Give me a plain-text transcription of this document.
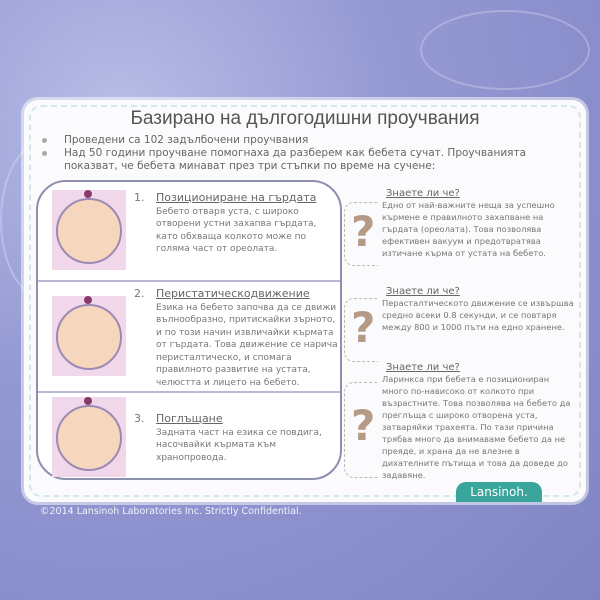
Базирано на дългогодишни проучвания
Проведени са 102 задълбочени проучвания
Над 50 години проучване помогнаха да разберем как бебета сучат. Проучванията показват, че бебета минават през три стъпки по време на сучене:
1. Позициониране на гърдата
Бебето отваря уста, с широко отворени устни захапва гърдата, като обхваща колкото може по голяма част от ореолата.
2. Перистатическодвижение
Езика на бебето започва да се движи вълнообразно, притискайки зърното, и по този начин извличайки кърмата от гърдата. Това движение се нарича перисталтическо, и спомага правилното развитие на устата, челюстта и лицето на бебето.
3. Поглъщане
Задната част на езика се повдига, насочвайки кърмата към хранопровода.
?
Знаете ли че?
Едно от най-важните неща за успешно кърмене е правилното захапване на гърдата (ореолата). Това позволява ефективен вакуум и предотвратява изтичане кърма от устата на бебето.
?
Знаете ли че?
Перастaлтическото движение се извършва средно всеки 0.8 секунди, и се повтаря между 800 и 1000 пъти на едно хранене.
?
Знаете ли че?
Ларинкса при бебета е позициониран много по-нависоко от колкото при възрастните. Това позволява на бебето да преглъща с широко отворена уста, затваряйки трахеята. По тази причина трябва много да внимаваме бебето да не преяде, и храна да не влезне в дихателните пътища и това да доведе до задавяне.
Lansinoh.
©2014 Lansinoh Laboratories Inc. Strictly Confidential.
